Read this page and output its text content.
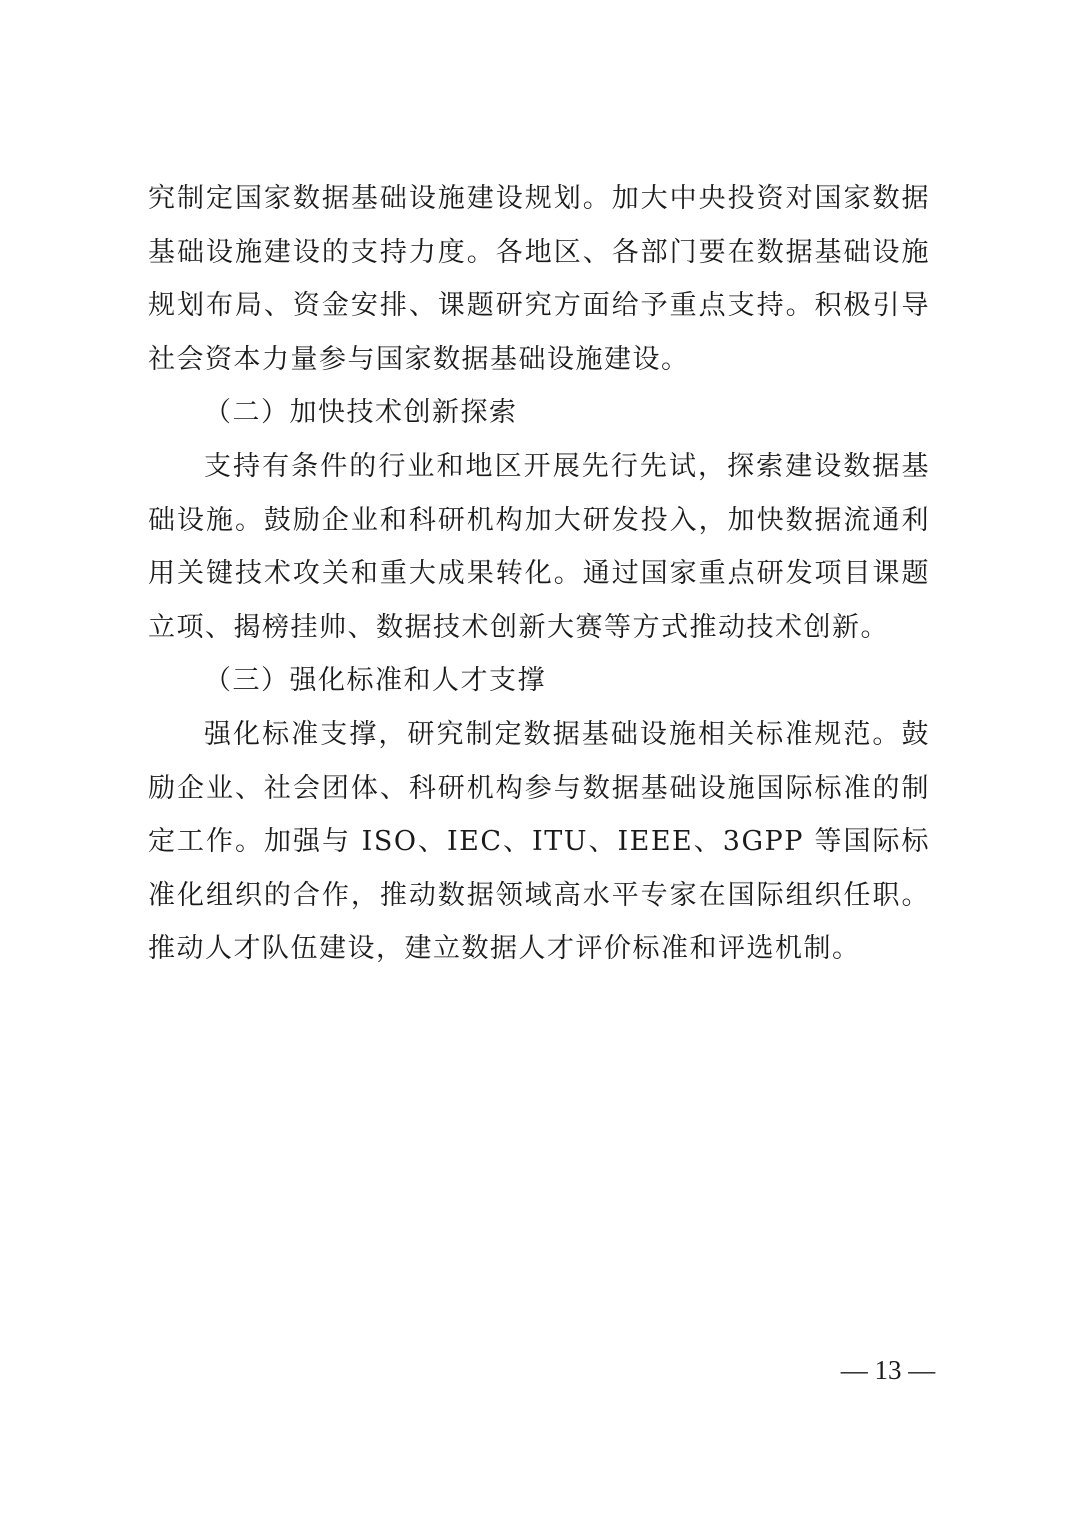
究制定国家数据基础设施建设规划。加大中央投资对国家数据基础设施建设的支持力度。各地区、各部门要在数据基础设施规划布局、资金安排、课题研究方面给予重点支持。积极引导社会资本力量参与国家数据基础设施建设。

（二）加快技术创新探索

支持有条件的行业和地区开展先行先试，探索建设数据基础设施。鼓励企业和科研机构加大研发投入，加快数据流通利用关键技术攻关和重大成果转化。通过国家重点研发项目课题立项、揭榜挂帅、数据技术创新大赛等方式推动技术创新。

（三）强化标准和人才支撑

强化标准支撑，研究制定数据基础设施相关标准规范。鼓励企业、社会团体、科研机构参与数据基础设施国际标准的制定工作。加强与 ISO、IEC、ITU、IEEE、3GPP 等国际标准化组织的合作，推动数据领域高水平专家在国际组织任职。推动人才队伍建设，建立数据人才评价标准和评选机制。

— 13 —
